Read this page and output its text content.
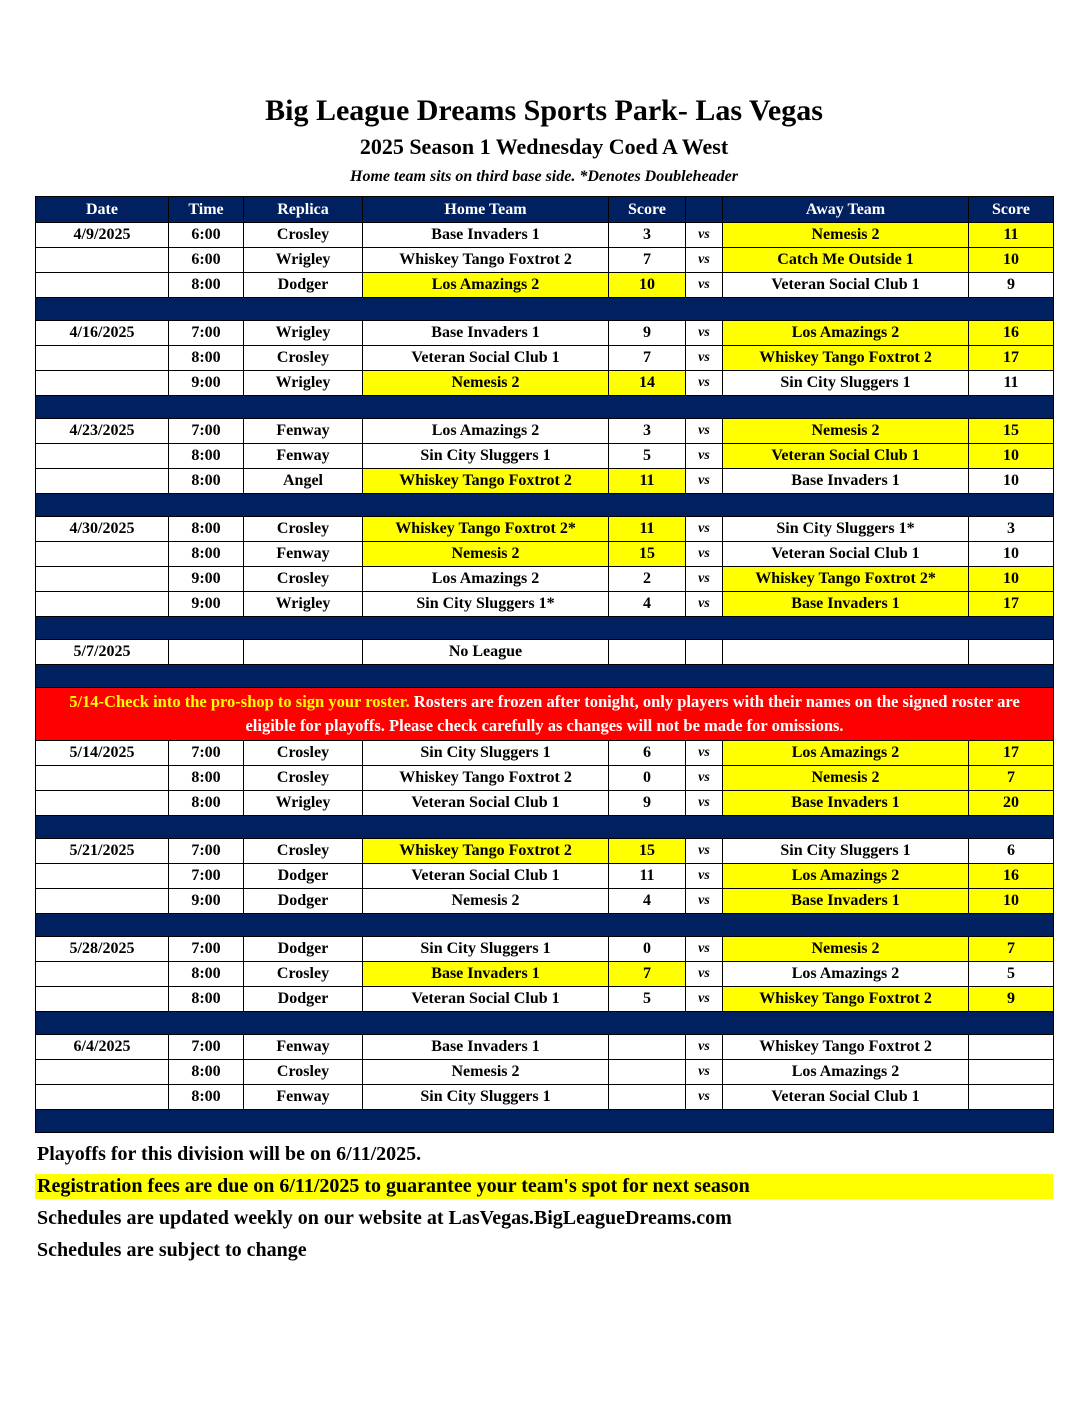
Big League Dreams Sports Park- Las Vegas
2025 Season 1 Wednesday Coed A West
Home team sits on third base side. *Denotes Doubleheader
Date	Time	Replica	Home Team	Score		Away Team	Score
4/9/2025	6:00	Crosley	Base Invaders 1	3	vs	Nemesis 2	11
	6:00	Wrigley	Whiskey Tango Foxtrot 2	7	vs	Catch Me Outside 1	10
	8:00	Dodger	Los Amazings 2	10	vs	Veteran Social Club 1	9

4/16/2025	7:00	Wrigley	Base Invaders 1	9	vs	Los Amazings 2	16
	8:00	Crosley	Veteran Social Club 1	7	vs	Whiskey Tango Foxtrot 2	17
	9:00	Wrigley	Nemesis 2	14	vs	Sin City Sluggers 1	11

4/23/2025	7:00	Fenway	Los Amazings 2	3	vs	Nemesis 2	15
	8:00	Fenway	Sin City Sluggers 1	5	vs	Veteran Social Club 1	10
	8:00	Angel	Whiskey Tango Foxtrot 2	11	vs	Base Invaders 1	10

4/30/2025	8:00	Crosley	Whiskey Tango Foxtrot 2*	11	vs	Sin City Sluggers 1*	3
	8:00	Fenway	Nemesis 2	15	vs	Veteran Social Club 1	10
	9:00	Crosley	Los Amazings 2	2	vs	Whiskey Tango Foxtrot 2*	10
	9:00	Wrigley	Sin City Sluggers 1*	4	vs	Base Invaders 1	17

5/7/2025			No League				

5/14-Check into the pro-shop to sign your roster. Rosters are frozen after tonight, only players with their names on the signed roster are eligible for playoffs. Please check carefully as changes will not be made for omissions.							
5/14/2025	7:00	Crosley	Sin City Sluggers 1	6	vs	Los Amazings 2	17
	8:00	Crosley	Whiskey Tango Foxtrot 2	0	vs	Nemesis 2	7
	8:00	Wrigley	Veteran Social Club 1	9	vs	Base Invaders 1	20

5/21/2025	7:00	Crosley	Whiskey Tango Foxtrot 2	15	vs	Sin City Sluggers 1	6
	7:00	Dodger	Veteran Social Club 1	11	vs	Los Amazings 2	16
	9:00	Dodger	Nemesis 2	4	vs	Base Invaders 1	10

5/28/2025	7:00	Dodger	Sin City Sluggers 1	0	vs	Nemesis 2	7
	8:00	Crosley	Base Invaders 1	7	vs	Los Amazings 2	5
	8:00	Dodger	Veteran Social Club 1	5	vs	Whiskey Tango Foxtrot 2	9

6/4/2025	7:00	Fenway	Base Invaders 1		vs	Whiskey Tango Foxtrot 2	
	8:00	Crosley	Nemesis 2		vs	Los Amazings 2	
	8:00	Fenway	Sin City Sluggers 1		vs	Veteran Social Club 1	

Playoffs for this division will be on 6/11/2025.
Registration fees are due on 6/11/2025 to guarantee your team's spot for next season
Schedules are updated weekly on our website at LasVegas.BigLeagueDreams.com
Schedules are subject to change
